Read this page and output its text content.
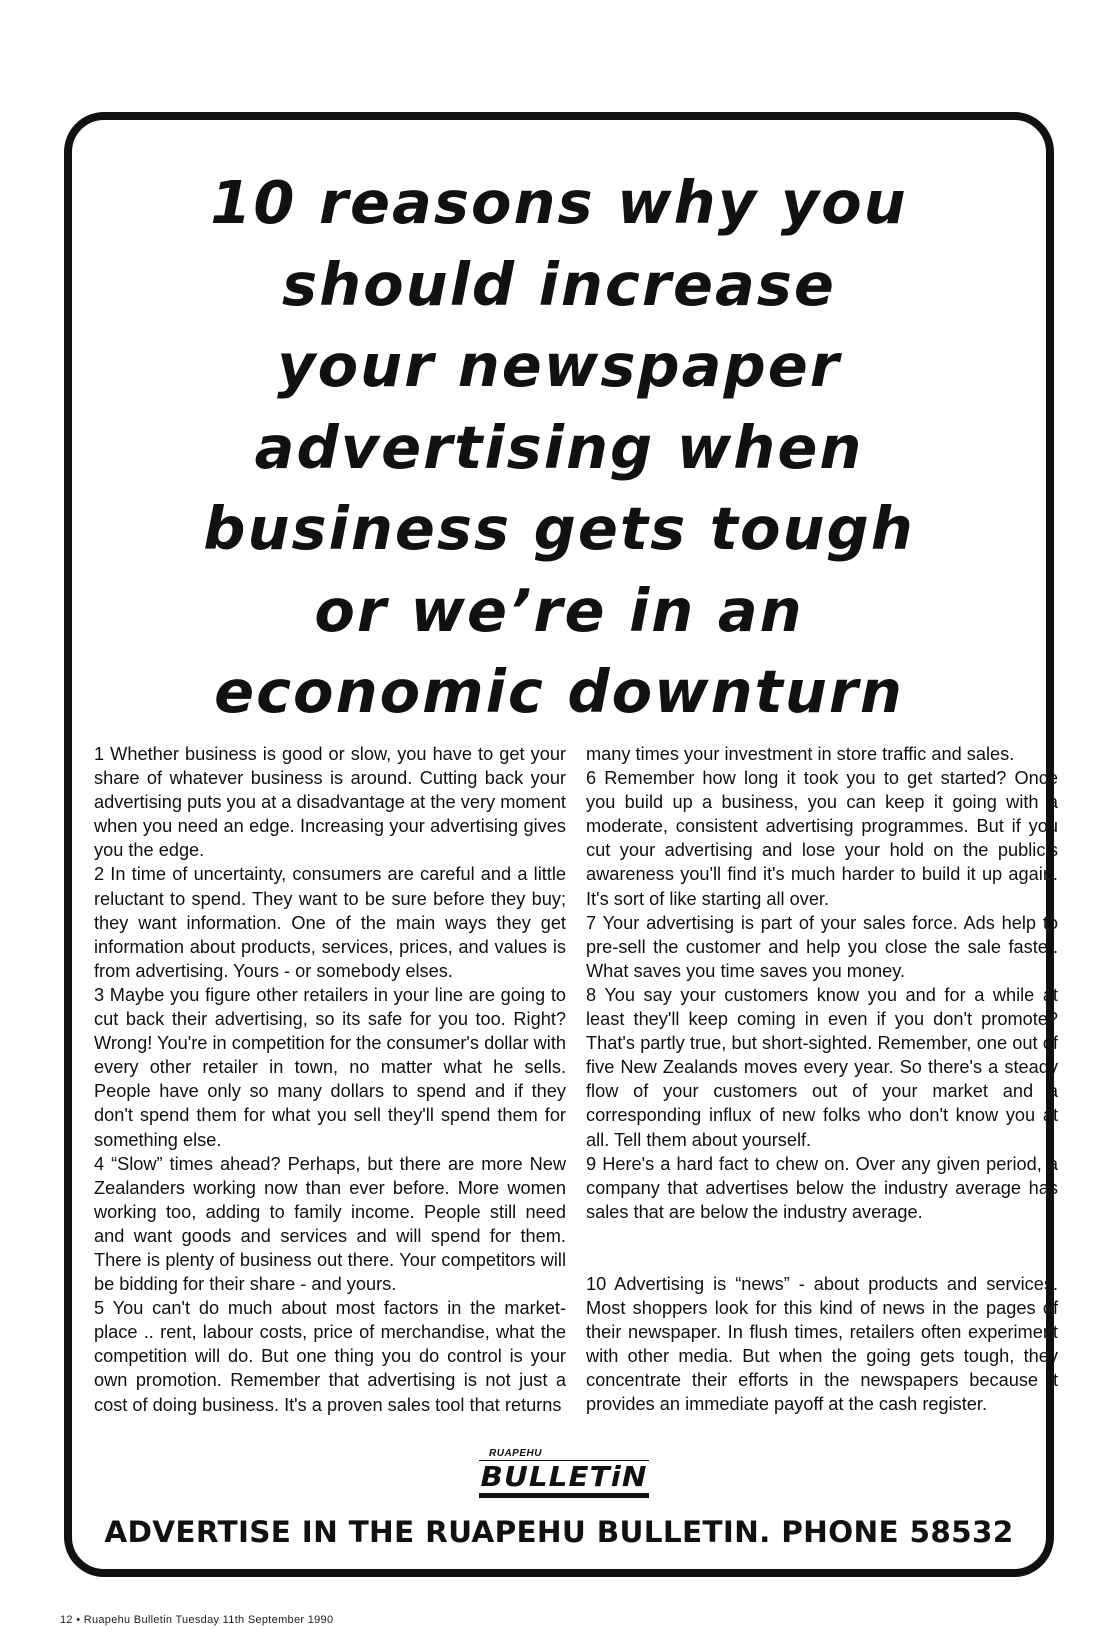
10 reasons why you
should increase
your newspaper
advertising when
business gets tough
or we’re in an
economic downturn

1 Whether business is good or slow, you have to get your share of whatever business is around. Cutting back your advertising puts you at a disadvantage at the very moment when you need an edge. Increasing your advertising gives you the edge.

2 In time of uncertainty, consumers are careful and a little reluctant to spend. They want to be sure before they buy; they want information. One of the main ways they get information about products, services, prices, and values is from advertising. Yours - or somebody elses.

3 Maybe you figure other retailers in your line are going to cut back their advertising, so its safe for you too. Right? Wrong! You're in competition for the consumer's dollar with every other retailer in town, no matter what he sells. People have only so many dollars to spend and if they don't spend them for what you sell they'll spend them for something else.

4 “Slow” times ahead? Perhaps, but there are more New Zealanders working now than ever before. More women working too, adding to family income. People still need and want goods and services and will spend for them. There is plenty of business out there. Your competitors will be bidding for their share - and yours.

5 You can't do much about most factors in the market-place .. rent, labour costs, price of merchandise, what the competition will do. But one thing you do control is your own promotion. Remember that advertising is not just a cost of doing business. It's a proven sales tool that returns

many times your investment in store traffic and sales.

6 Remember how long it took you to get started? Once you build up a business, you can keep it going with a moderate, consistent advertising programmes. But if you cut your advertising and lose your hold on the public's awareness you'll find it's much harder to build it up again. It's sort of like starting all over.

7 Your advertising is part of your sales force. Ads help to pre-sell the customer and help you close the sale faster. What saves you time saves you money.

8 You say your customers know you and for a while at least they'll keep coming in even if you don't promote? That's partly true, but short-sighted. Remember, one out of five New Zealands moves every year. So there's a steady flow of your customers out of your market and a corresponding influx of new folks who don't know you at all. Tell them about yourself.

9 Here's a hard fact to chew on. Over any given period, a company that advertises below the industry average has sales that are below the industry average.

10 Advertising is “news” - about products and services. Most shoppers look for this kind of news in the pages of their newspaper. In flush times, retailers often experiment with other media. But when the going gets tough, they concentrate their efforts in the newspapers because it provides an immediate payoff at the cash register.

RUAPEHU
BULLETiN

ADVERTISE IN THE RUAPEHU BULLETIN. PHONE 58532

12 • Ruapehu Bulletin Tuesday 11th September 1990
